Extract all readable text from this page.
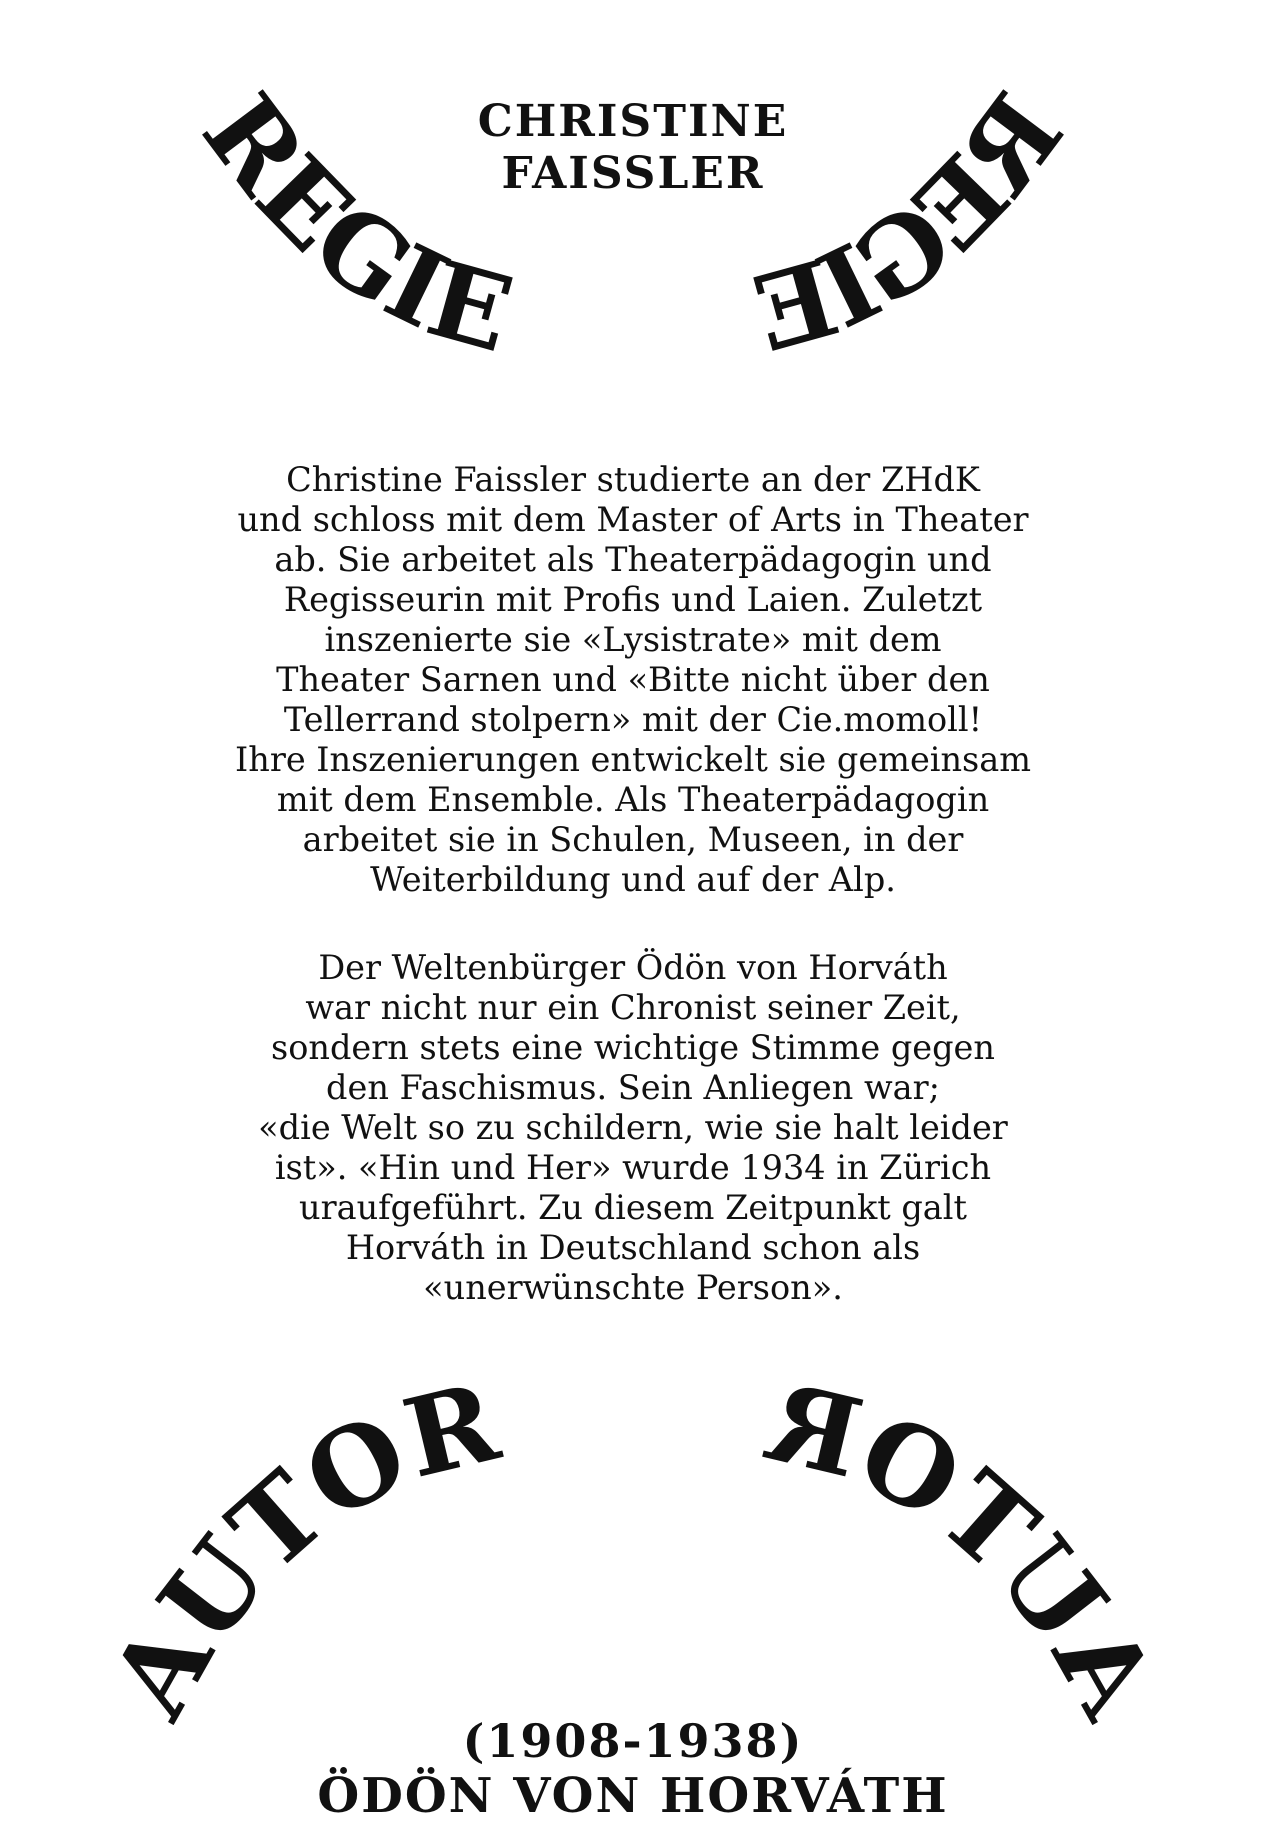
REGIE
REGIE
CHRISTINE
FAISSLER
Christine Faissler studierte an der ZHdK
und schloss mit dem Master of Arts in Theater
ab. Sie arbeitet als Theaterpädagogin und
Regisseurin mit Profis und Laien. Zuletzt
inszenierte sie «Lysistrate» mit dem
Theater Sarnen und «Bitte nicht über den
Tellerrand stolpern» mit der Cie.momoll!
Ihre Inszenierungen entwickelt sie gemeinsam
mit dem Ensemble. Als Theaterpädagogin
arbeitet sie in Schulen, Museen, in der
Weiterbildung und auf der Alp.
Der Weltenbürger Ödön von Horváth
war nicht nur ein Chronist seiner Zeit,
sondern stets eine wichtige Stimme gegen
den Faschismus. Sein Anliegen war;
«die Welt so zu schildern, wie sie halt leider
ist». «Hin und Her» wurde 1934 in Zürich
uraufgeführt. Zu diesem Zeitpunkt galt
Horváth in Deutschland schon als
«unerwünschte Person».
AUTOR
AUTOR
(1908-1938)
ÖDÖN VON HORVÁTH
